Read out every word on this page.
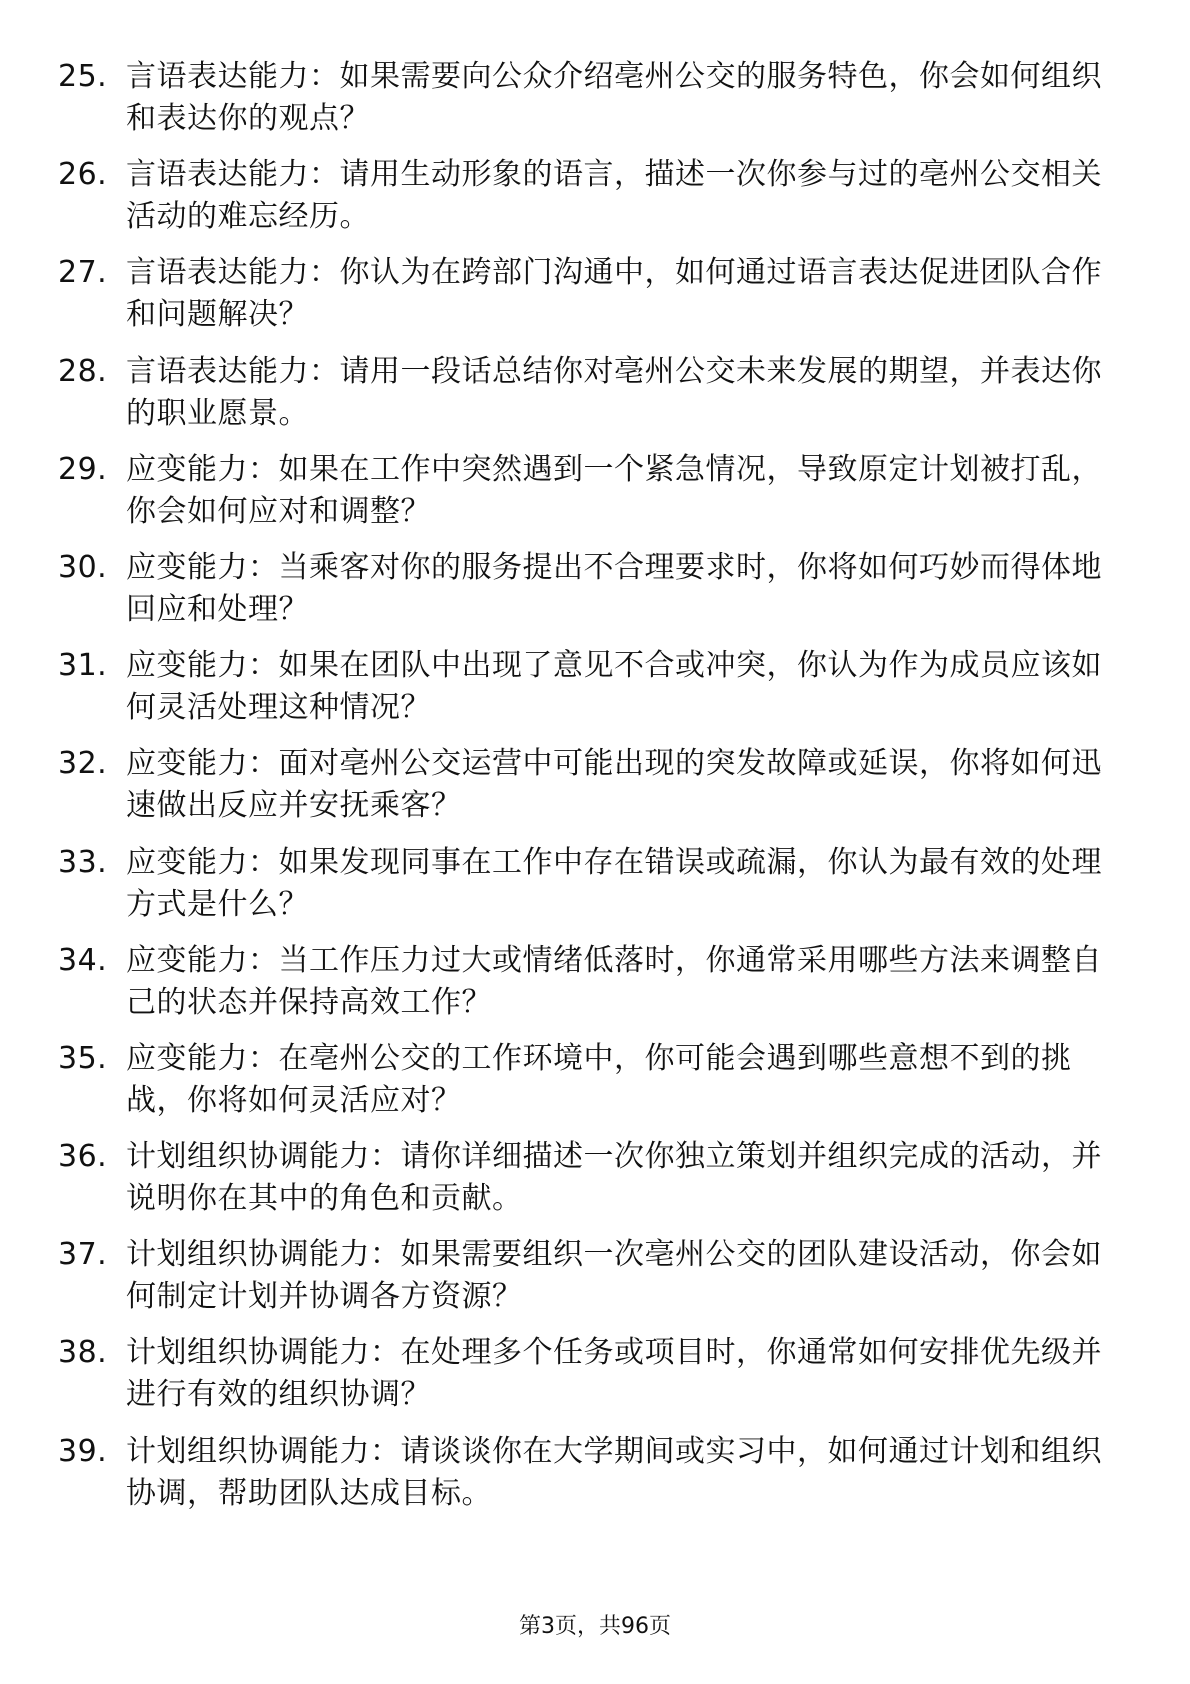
25. 言语表达能力：如果需要向公众介绍亳州公交的服务特色，你会如何组织和表达你的观点？
26. 言语表达能力：请用生动形象的语言，描述一次你参与过的亳州公交相关活动的难忘经历。
27. 言语表达能力：你认为在跨部门沟通中，如何通过语言表达促进团队合作和问题解决？
28. 言语表达能力：请用一段话总结你对亳州公交未来发展的期望，并表达你的职业愿景。
29. 应变能力：如果在工作中突然遇到一个紧急情况，导致原定计划被打乱，你会如何应对和调整？
30. 应变能力：当乘客对你的服务提出不合理要求时，你将如何巧妙而得体地回应和处理？
31. 应变能力：如果在团队中出现了意见不合或冲突，你认为作为成员应该如何灵活处理这种情况？
32. 应变能力：面对亳州公交运营中可能出现的突发故障或延误，你将如何迅速做出反应并安抚乘客？
33. 应变能力：如果发现同事在工作中存在错误或疏漏，你认为最有效的处理方式是什么？
34. 应变能力：当工作压力过大或情绪低落时，你通常采用哪些方法来调整自己的状态并保持高效工作？
35. 应变能力：在亳州公交的工作环境中，你可能会遇到哪些意想不到的挑战，你将如何灵活应对？
36. 计划组织协调能力：请你详细描述一次你独立策划并组织完成的活动，并说明你在其中的角色和贡献。
37. 计划组织协调能力：如果需要组织一次亳州公交的团队建设活动，你会如何制定计划并协调各方资源？
38. 计划组织协调能力：在处理多个任务或项目时，你通常如何安排优先级并进行有效的组织协调？
39. 计划组织协调能力：请谈谈你在大学期间或实习中，如何通过计划和组织协调，帮助团队达成目标。
第3页，共96页
